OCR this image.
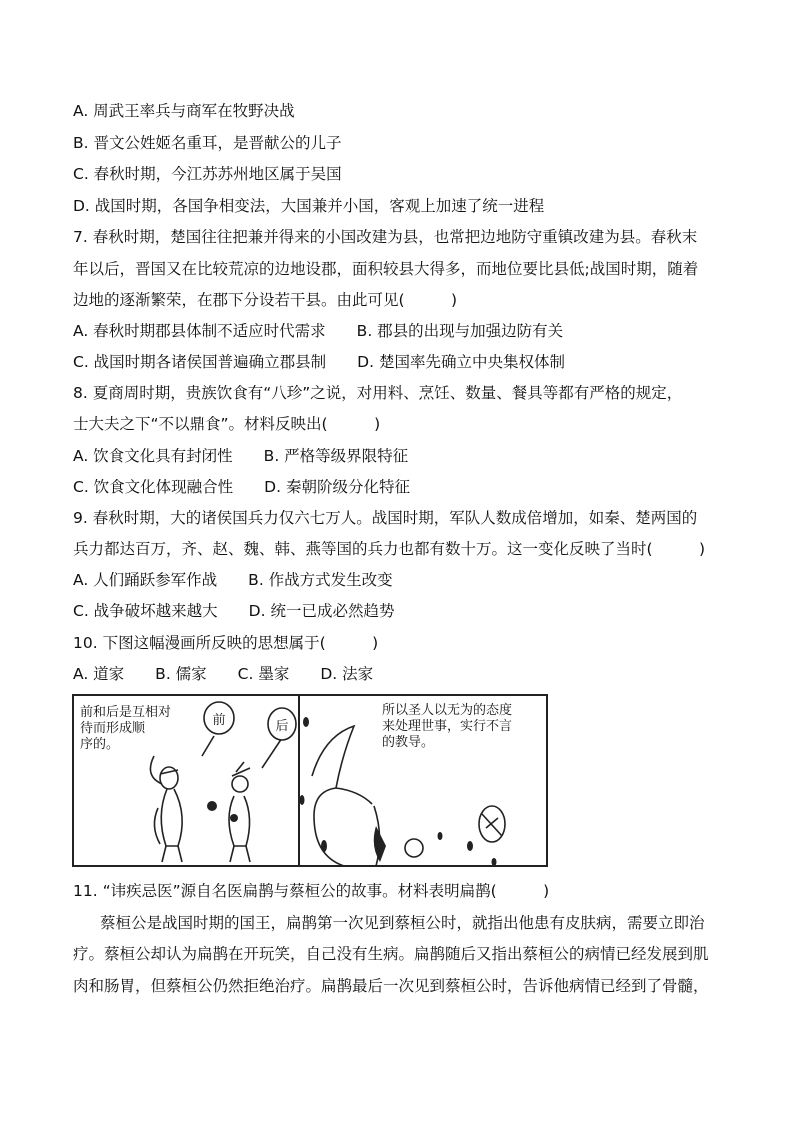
A. 周武王率兵与商军在牧野决战
B. 晋文公姓姬名重耳，是晋献公的儿子
C. 春秋时期，今江苏苏州地区属于吴国
D. 战国时期，各国争相变法，大国兼并小国，客观上加速了统一进程
7. 春秋时期，楚国往往把兼并得来的小国改建为县，也常把边地防守重镇改建为县。春秋末
年以后，晋国又在比较荒凉的边地设郡，面积较县大得多，而地位要比县低;战国时期，随着
边地的逐渐繁荣，在郡下分设若干县。由此可见(　　　)
A. 春秋时期郡县体制不适应时代需求　　B. 郡县的出现与加强边防有关
C. 战国时期各诸侯国普遍确立郡县制　　D. 楚国率先确立中央集权体制
8. 夏商周时期，贵族饮食有“八珍”之说，对用料、烹饪、数量、餐具等都有严格的规定，
士大夫之下“不以鼎食”。材料反映出(　　　)
A. 饮食文化具有封闭性　　B. 严格等级界限特征
C. 饮食文化体现融合性　　D. 秦朝阶级分化特征
9. 春秋时期，大的诸侯国兵力仅六七万人。战国时期，军队人数成倍增加，如秦、楚两国的
兵力都达百万，齐、赵、魏、韩、燕等国的兵力也都有数十万。这一变化反映了当时(　　　)
A. 人们踊跃参军作战　　B. 作战方式发生改变
C. 战争破坏越来越大　　D. 统一已成必然趋势
10. 下图这幅漫画所反映的思想属于(　　　)
A. 道家　　B. 儒家　　C. 墨家　　D. 法家
前和后是互相对
待而形成顺
序的。
前	后
所以圣人以无为的态度
来处理世事，实行不言
的教导。
11. “讳疾忌医”源自名医扁鹊与蔡桓公的故事。材料表明扁鹊(　　　)
蔡桓公是战国时期的国王，扁鹊第一次见到蔡桓公时，就指出他患有皮肤病，需要立即治
疗。蔡桓公却认为扁鹊在开玩笑，自己没有生病。扁鹊随后又指出蔡桓公的病情已经发展到肌
肉和肠胃，但蔡桓公仍然拒绝治疗。扁鹊最后一次见到蔡桓公时，告诉他病情已经到了骨髓，
